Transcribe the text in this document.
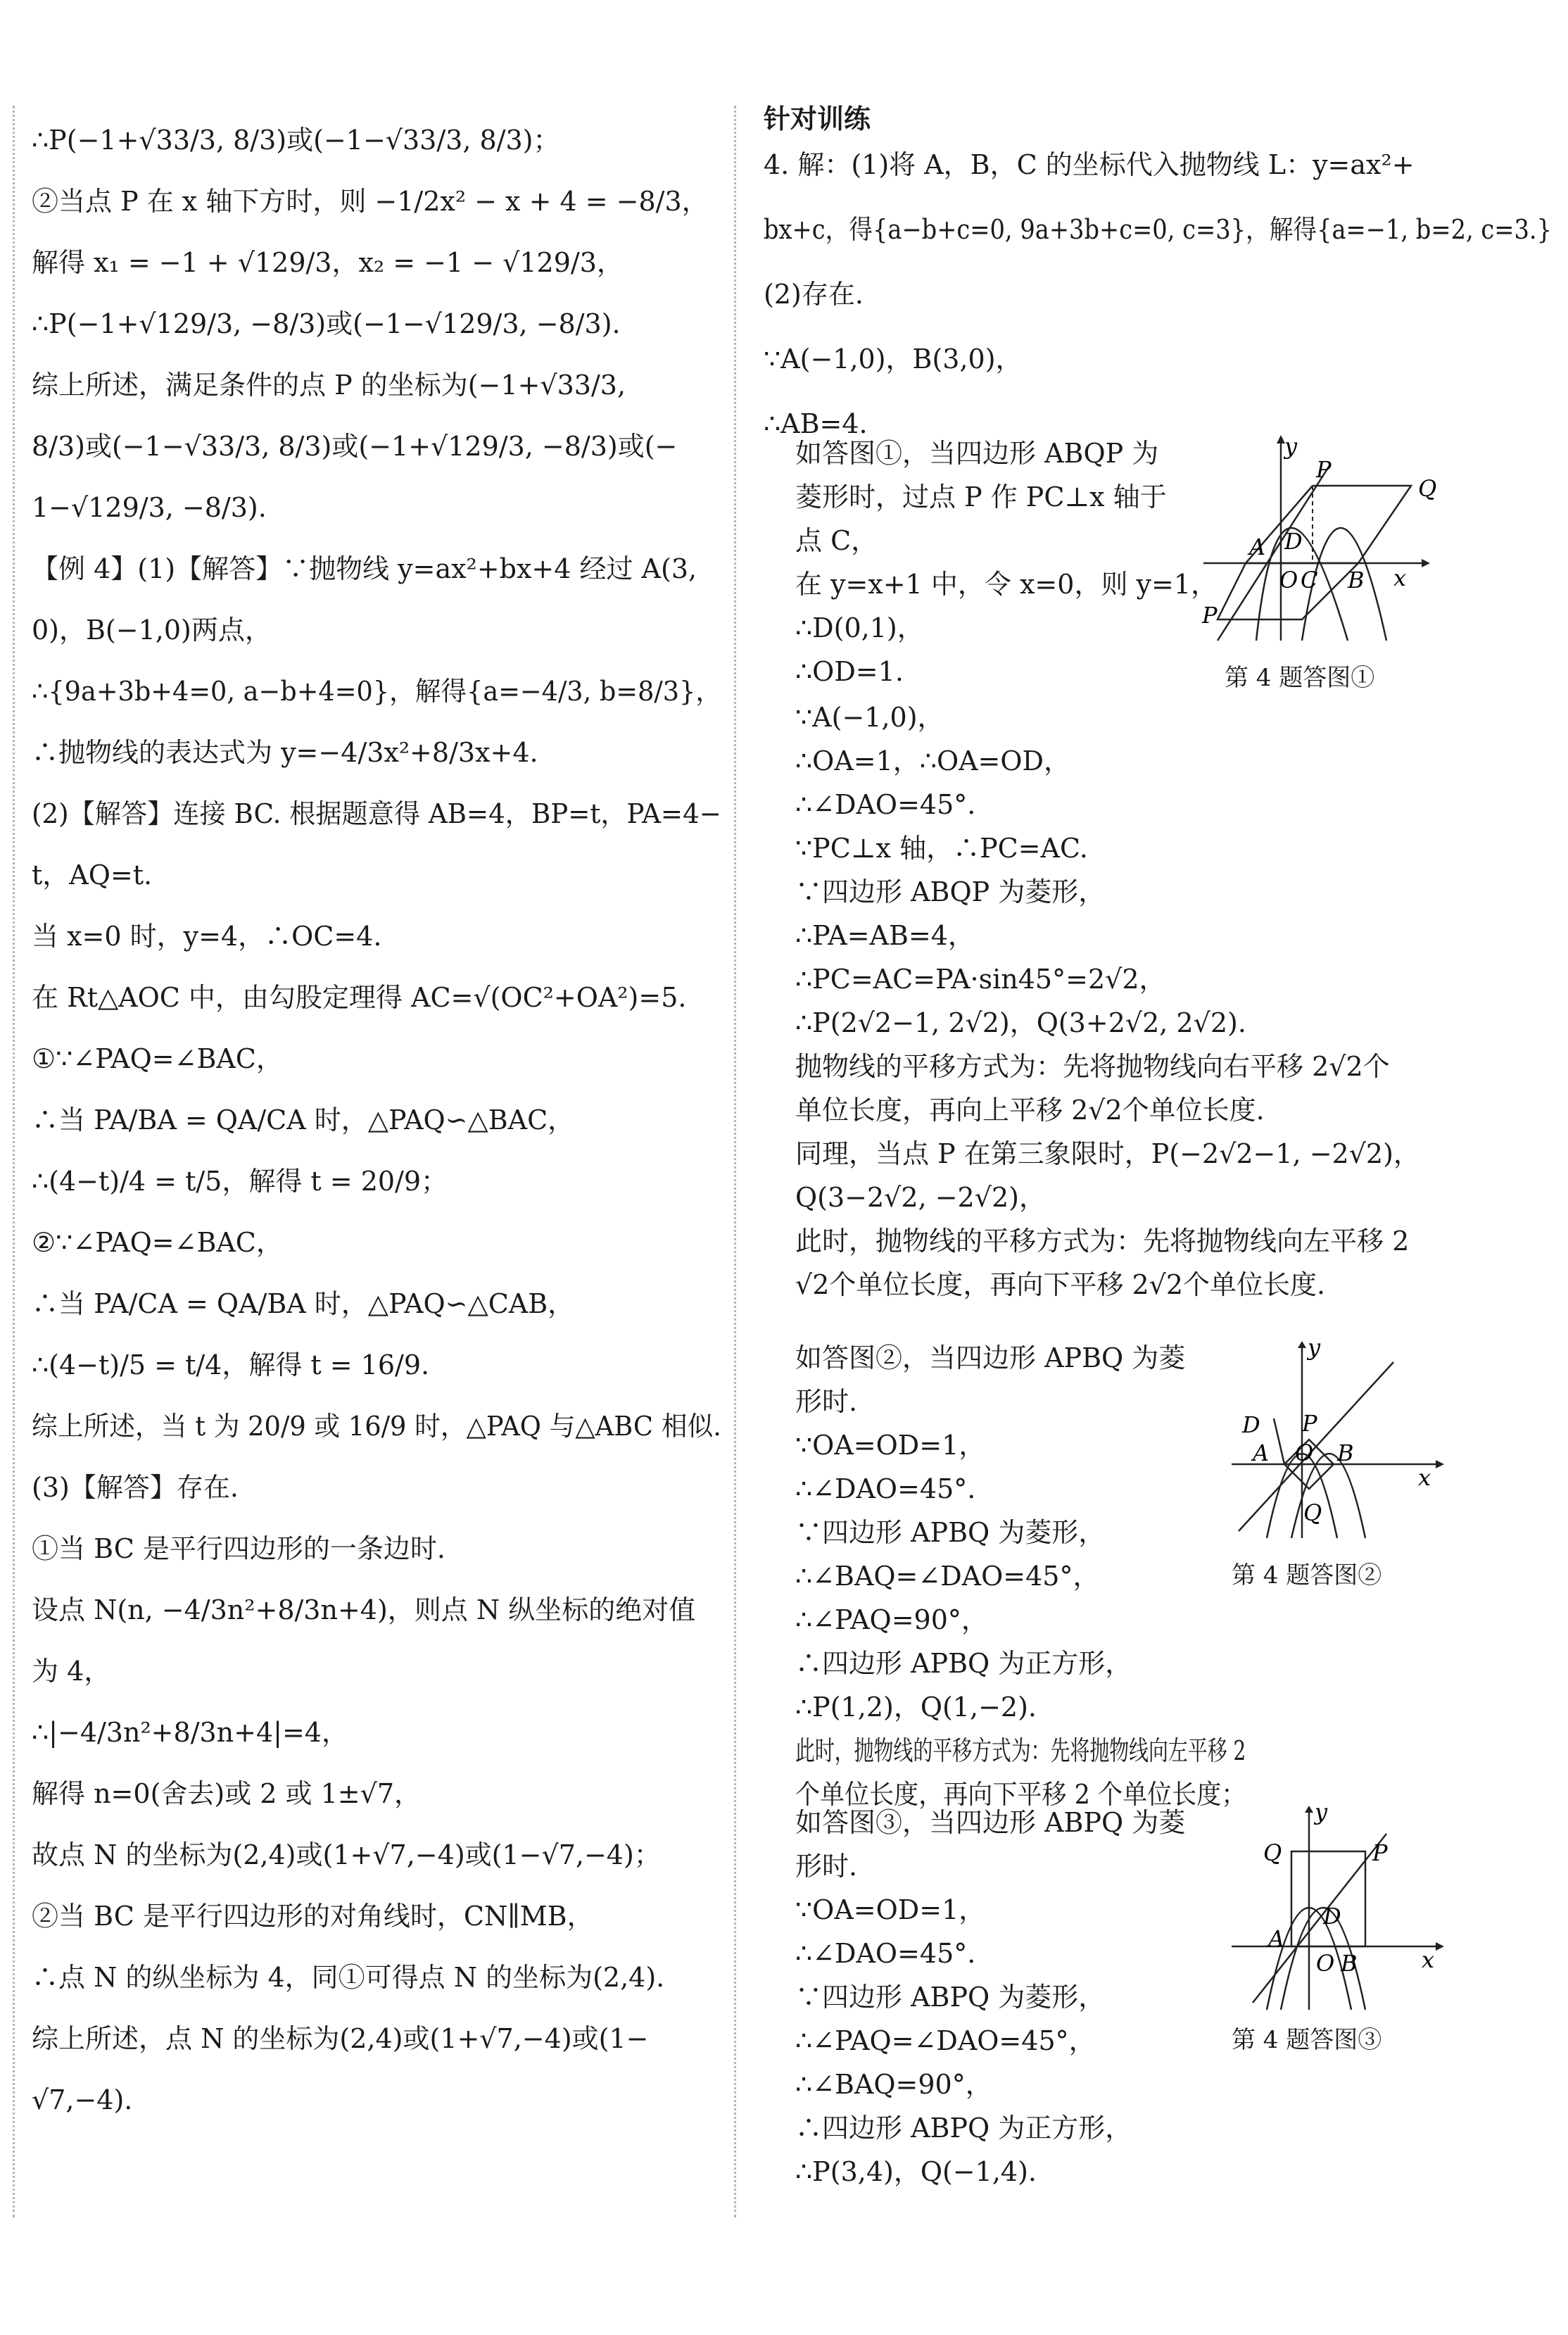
∴P(−1+√33/3, 8/3)或(−1−√33/3, 8/3)；
②当点 P 在 x 轴下方时，则 −1/2x² − x + 4 = −8/3，
解得 x₁ = −1 + √129/3，x₂ = −1 − √129/3，
∴P(−1+√129/3, −8/3)或(−1−√129/3, −8/3).
综上所述，满足条件的点 P 的坐标为(−1+√33/3,
8/3)或(−1−√33/3, 8/3)或(−1+√129/3, −8/3)或(−
1−√129/3, −8/3).
【例 4】(1)【解答】∵抛物线 y=ax²+bx+4 经过 A(3,
0)，B(−1,0)两点，
∴{9a+3b+4=0, a−b+4=0}，解得{a=−4/3, b=8/3}，
∴抛物线的表达式为 y=−4/3x²+8/3x+4.
(2)【解答】连接 BC. 根据题意得 AB=4，BP=t，PA=4−
t，AQ=t.
当 x=0 时，y=4，∴OC=4.
在 Rt△AOC 中，由勾股定理得 AC=√(OC²+OA²)=5.
①∵∠PAQ=∠BAC，
∴当 PA/BA = QA/CA 时，△PAQ∽△BAC，
∴(4−t)/4 = t/5，解得 t = 20/9；
②∵∠PAQ=∠BAC，
∴当 PA/CA = QA/BA 时，△PAQ∽△CAB，
∴(4−t)/5 = t/4，解得 t = 16/9.
综上所述，当 t 为 20/9 或 16/9 时，△PAQ 与△ABC 相似.
(3)【解答】存在.
①当 BC 是平行四边形的一条边时.
设点 N(n, −4/3n²+8/3n+4)，则点 N 纵坐标的绝对值
为 4，
∴|−4/3n²+8/3n+4|=4，
解得 n=0(舍去)或 2 或 1±√7，
故点 N 的坐标为(2,4)或(1+√7,−4)或(1−√7,−4)；
②当 BC 是平行四边形的对角线时，CN∥MB，
∴点 N 的纵坐标为 4，同①可得点 N 的坐标为(2,4).
综上所述，点 N 的坐标为(2,4)或(1+√7,−4)或(1−
√7,−4).
针对训练
4. 解：(1)将 A，B，C 的坐标代入抛物线 L：y=ax²+
bx+c，得{a−b+c=0, 9a+3b+c=0, c=3}，解得{a=−1, b=2, c=3.}
(2)存在.
∵A(−1,0)，B(3,0)，
∴AB=4.
如答图①，当四边形 ABQP 为
菱形时，过点 P 作 PC⊥x 轴于
点 C，
在 y=x+1 中，令 x=0，则 y=1，
∴D(0,1)，
∴OD=1.
∵A(−1,0)，
∴OA=1，∴OA=OD，
∴∠DAO=45°.
∵PC⊥x 轴，∴PC=AC.
∵四边形 ABQP 为菱形，
∴PA=AB=4，
∴PC=AC=PA·sin45°=2√2，
∴P(2√2−1, 2√2)，Q(3+2√2, 2√2).
抛物线的平移方式为：先将抛物线向右平移 2√2个
单位长度，再向上平移 2√2个单位长度.
同理，当点 P 在第三象限时，P(−2√2−1, −2√2)，
Q(3−2√2, −2√2)，
此时，抛物线的平移方式为：先将抛物线向左平移 2
√2个单位长度，再向下平移 2√2个单位长度.
如答图②，当四边形 APBQ 为菱
形时.
∵OA=OD=1，
∴∠DAO=45°.
∵四边形 APBQ 为菱形，
∴∠BAQ=∠DAO=45°，
∴∠PAQ=90°，
∴四边形 APBQ 为正方形，
∴P(1,2)，Q(1,−2).
此时，抛物线的平移方式为：先将抛物线向左平移 2
个单位长度，再向下平移 2 个单位长度；
如答图③，当四边形 ABPQ 为菱
形时.
∵OA=OD=1，
∴∠DAO=45°.
∵四边形 ABPQ 为菱形，
∴∠PAQ=∠DAO=45°，
∴∠BAQ=90°，
∴四边形 ABPQ 为正方形，
∴P(3,4)，Q(−1,4).
y
P
Q
A D
O C B x
P
第 4 题答图①
y
D P
A O B
x
Q
第 4 题答图②
y
Q	P
A
D
O B	x
第 4 题答图③
